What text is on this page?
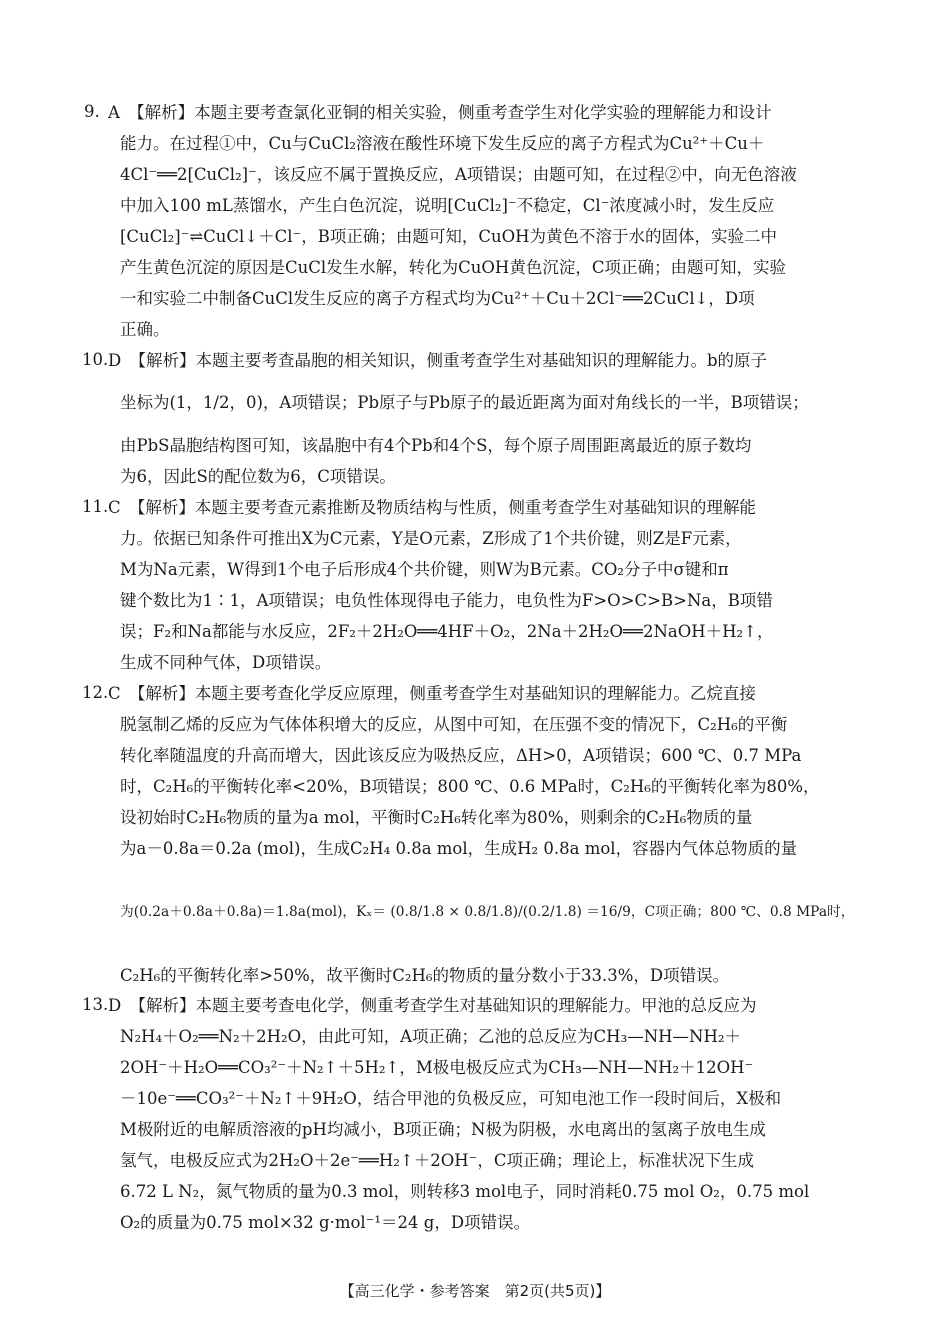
9. A　【解析】本题主要考查氯化亚铜的相关实验，侧重考查学生对化学实验的理解能力和设计
能力。在过程①中，Cu与CuCl₂溶液在酸性环境下发生反应的离子方程式为Cu²⁺＋Cu＋
4Cl⁻══2[CuCl₂]⁻，该反应不属于置换反应，A项错误；由题可知，在过程②中，向无色溶液
中加入100 mL蒸馏水，产生白色沉淀，说明[CuCl₂]⁻不稳定，Cl⁻浓度减小时，发生反应
[CuCl₂]⁻⇌CuCl↓＋Cl⁻，B项正确；由题可知，CuOH为黄色不溶于水的固体，实验二中
产生黄色沉淀的原因是CuCl发生水解，转化为CuOH黄色沉淀，C项正确；由题可知，实验
一和实验二中制备CuCl发生反应的离子方程式均为Cu²⁺＋Cu＋2Cl⁻══2CuCl↓，D项
正确。
10. D　【解析】本题主要考查晶胞的相关知识，侧重考查学生对基础知识的理解能力。b的原子
坐标为(1，1/2，0)，A项错误；Pb原子与Pb原子的最近距离为面对角线长的一半，B项错误；
由PbS晶胞结构图可知，该晶胞中有4个Pb和4个S，每个原子周围距离最近的原子数均
为6，因此S的配位数为6，C项错误。
11. C　【解析】本题主要考查元素推断及物质结构与性质，侧重考查学生对基础知识的理解能
力。依据已知条件可推出X为C元素，Y是O元素，Z形成了1个共价键，则Z是F元素，
M为Na元素，W得到1个电子后形成4个共价键，则W为B元素。CO₂分子中σ键和π
键个数比为1∶1，A项错误；电负性体现得电子能力，电负性为F>O>C>B>Na，B项错
误；F₂和Na都能与水反应，2F₂＋2H₂O══4HF＋O₂，2Na＋2H₂O══2NaOH＋H₂↑，
生成不同种气体，D项错误。
12. C　【解析】本题主要考查化学反应原理，侧重考查学生对基础知识的理解能力。乙烷直接
脱氢制乙烯的反应为气体体积增大的反应，从图中可知，在压强不变的情况下，C₂H₆的平衡
转化率随温度的升高而增大，因此该反应为吸热反应，ΔH>0，A项错误；600 ℃、0.7 MPa
时，C₂H₆的平衡转化率<20%，B项错误；800 ℃、0.6 MPa时，C₂H₆的平衡转化率为80%，
设初始时C₂H₆物质的量为a mol，平衡时C₂H₆转化率为80%，则剩余的C₂H₆物质的量
为a－0.8a＝0.2a (mol)，生成C₂H₄ 0.8a mol，生成H₂ 0.8a mol，容器内气体总物质的量
为(0.2a＋0.8a＋0.8a)＝1.8a(mol)，Kₓ＝ (0.8/1.8 × 0.8/1.8)/(0.2/1.8) ＝16/9，C项正确；800 ℃、0.8 MPa时，
C₂H₆的平衡转化率>50%，故平衡时C₂H₆的物质的量分数小于33.3%，D项错误。
13. D　【解析】本题主要考查电化学，侧重考查学生对基础知识的理解能力。甲池的总反应为
N₂H₄＋O₂══N₂＋2H₂O，由此可知，A项正确；乙池的总反应为CH₃—NH—NH₂＋
2OH⁻＋H₂O══CO₃²⁻＋N₂↑＋5H₂↑，M极电极反应式为CH₃—NH—NH₂＋12OH⁻
－10e⁻══CO₃²⁻＋N₂↑＋9H₂O，结合甲池的负极反应，可知电池工作一段时间后，X极和
M极附近的电解质溶液的pH均减小，B项正确；N极为阴极，水电离出的氢离子放电生成
氢气，电极反应式为2H₂O＋2e⁻══H₂↑＋2OH⁻，C项正确；理论上，标准状况下生成
6.72 L N₂，氮气物质的量为0.3 mol，则转移3 mol电子，同时消耗0.75 mol O₂，0.75 mol
O₂的质量为0.75 mol×32 g·mol⁻¹＝24 g，D项错误。
【高三化学・参考答案　第2页(共5页)】
